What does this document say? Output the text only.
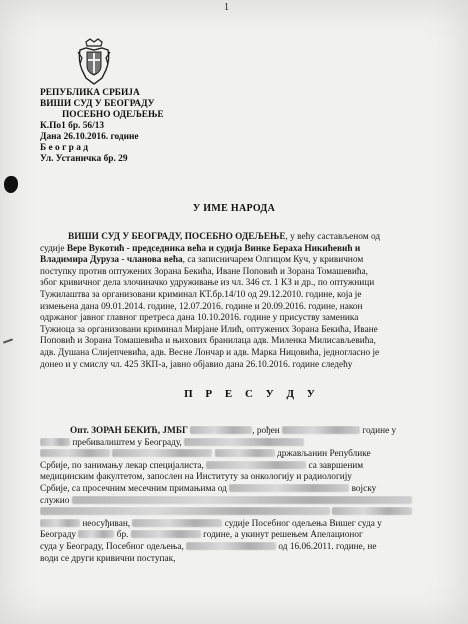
1
РЕПУБЛИКА СРБИЈА
ВИШИ СУД У БЕОГРАДУ
ПОСЕБНО ОДЕЉЕЊЕ
К.По1 бр. 56/13
Дана 26.10.2016. године
Б е о г р а д
Ул. Устаничка бр. 29
У ИМЕ НАРОДА
ВИШИ СУД У БЕОГРАДУ, ПОСЕБНО ОДЕЉЕЊЕ, у већу састављеном од
судије Вере Вукотић - председника већа и судија Винке Бераха Никићевић и
Владимира Дуруза - чланова већа, са записничарем Олгицом Куч, у кривичном
поступку против оптужених Зорана Бекића, Иване Поповић и Зорана Томашевића,
због кривичног дела злочиначко удруживање из чл. 346 ст. 1 КЗ и др., по оптужници
Тужилаштва за организовани криминал КТ.бр.14/10 од 29.12.2010. године, која је
измењена дана 09.01.2014. године, 12.07.2016. године и 20.09.2016. године, након
одржаног јавног главног претреса дана 10.10.2016. године у присуству заменика
Тужиоца за организовани криминал Мирјане Илић, оптужених Зорана Бекића, Иване
Поповић и Зорана Томашевића и њихових бранилаца адв. Миленка Милисављевића,
адв. Душана Слијепчевића, адв. Весне Лончар и адв. Марка Ницовића, једногласно је
донео и у смислу чл. 425 ЗКП-а, јавно објавио дана 26.10.2016. године следећу
П Р Е С У Д У
Опт. ЗОРАН БЕКИЋ, ЈМБГ	, рођен	године у
пребивалиштем у Београду,
држављанин Републике
Србије, по занимању лекар специјалиста,	са завршеним
медицинским факултетом, запослен на Институту за онкологију и радиологију
Србије, са просечним месечним примањима од	војску
служио

неосуђиван,	судије Посебног одељења Вишег суда у
Београду	бр.	године, а укинут решењем Апелационог
суда у Београду, Посебног одељења,	од 16.06.2011. године, не
води се други кривични поступак,
